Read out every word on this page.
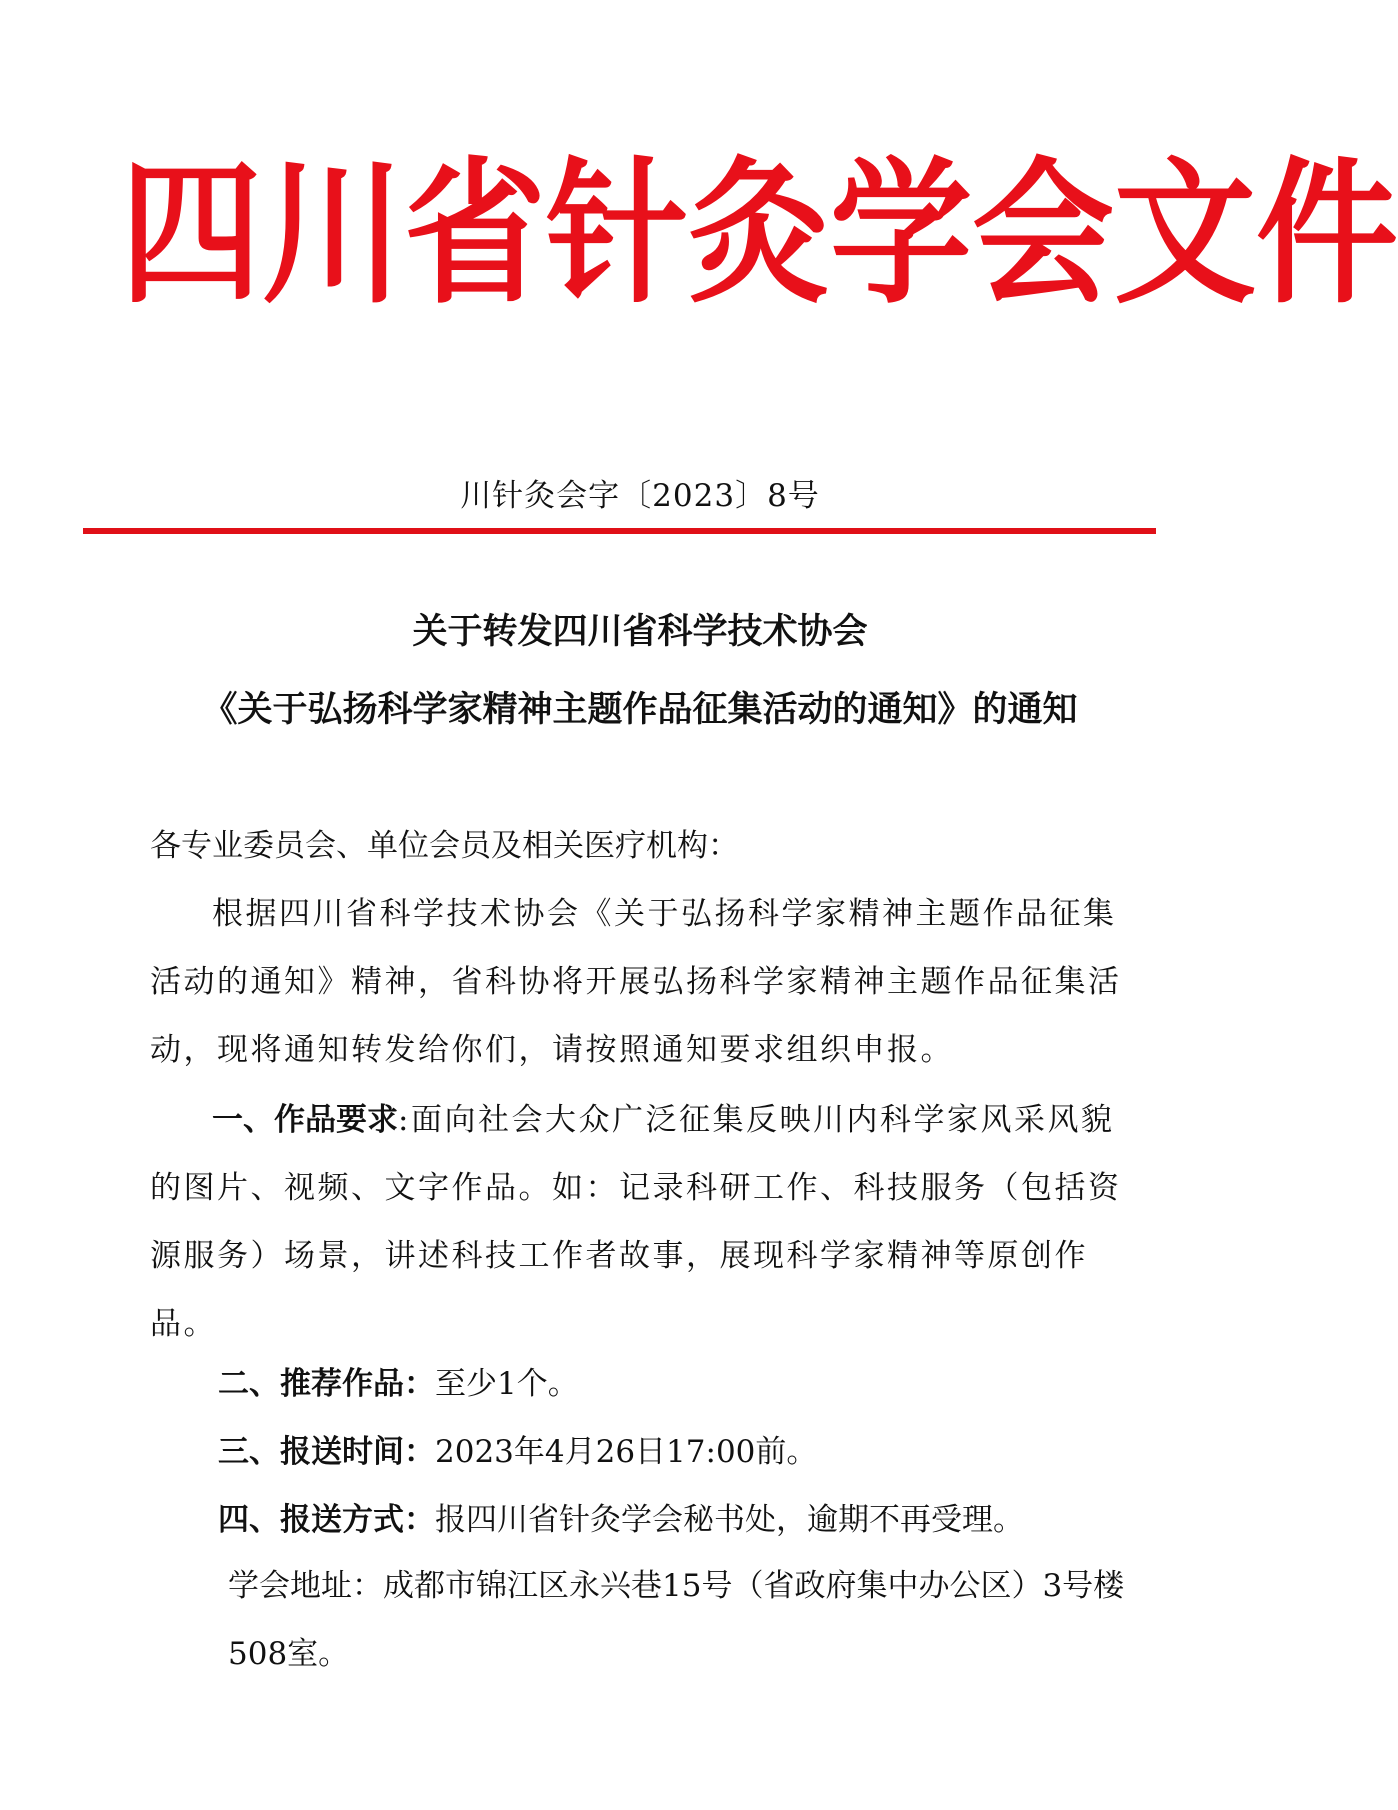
四 川 省 针 灸 学 会 文 件
川针灸会字〔2023〕8号
关于转发四川省科学技术协会
《关于弘扬科学家精神主题作品征集活动的通知》的通知

各专业委员会、单位会员及相关医疗机构：

根据四川省科学技术协会《关于弘扬科学家精神主题作品征集活动的通知》精神，省科协将开展弘扬科学家精神主题作品征集活动，现将通知转发给你们，请按照通知要求组织申报。

一、作品要求:面向社会大众广泛征集反映川内科学家风采风貌的图片、视频、文字作品。如：记录科研工作、科技服务（包括资源服务）场景，讲述科技工作者故事，展现科学家精神等原创作品。

二、推荐作品：至少1个。

三、报送时间：2023年4月26日17:00前。

四、报送方式：报四川省针灸学会秘书处，逾期不再受理。

学会地址：成都市锦江区永兴巷15号（省政府集中办公区）3号楼508室。
